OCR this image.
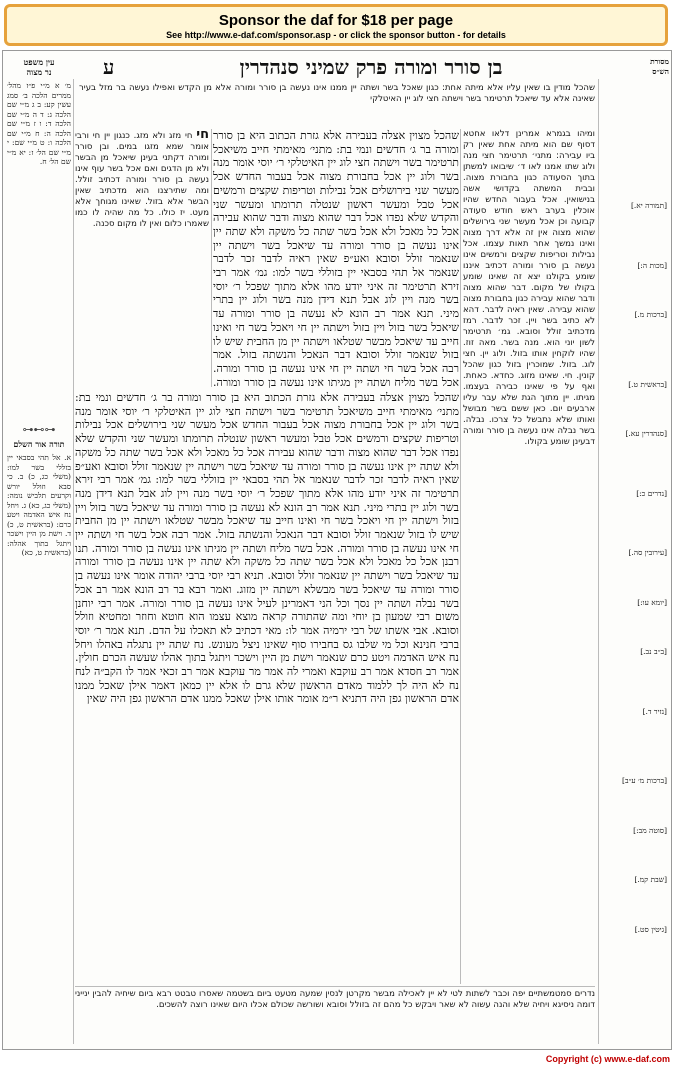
Sponsor the daf for $18 per page
See http://www.e-daf.com/sponsor.asp - or click the sponsor button - for details
בן סורר ומורה פרק שמיני סנהדרין
ע	מסורת
הש״ס
עין משפט
נר מצוה
שהכל מודין בו שאין עליו אלא מיתה אחת: כגון שאכל בשר ושתה יין ממנו אינו נעשה בן סורר ומורה אלא מן הקדש ואפילו נעשה בר מזל בעיר שאינה אלא עד שיאכל תרטימר בשר וישתה חצי לוג יין האיטלקי
מ׳ א מ״י פ״ז מהל׳ ממרים הלכה ב׳ סמג עשין קע: ב ג מ״י שם הלכה ג: ד ה מ״י שם הלכה ד: ו ז מ״י שם הלכה ה: ח מ״י שם הלכה ו: ט מ״י שם: י מ״י שם הל׳ ז: יא מ״י שם הל׳ ח.
⊶⊷⊶
תורה אור השלם
א. אל תהי בסבאי יין בזללי בשר למו: (משלי כג, כ) ב. כי סבא וזולל יורש וקרעים תלביש נומה: (משלי כג, כא) ג. ויחל נח איש האדמה ויטע כרם: (בראשית ט, כ) ד. וישת מן היין וישכר ויתגל בתוך אהלה: (בראשית ט, כא)
חי חי מזג ולא מזג. כנגון יין חי ורבי אומר שמא מזגו במים. ובן סורר ומורה דקתני בעינן שיאכל מן הבשר ולא מן הדגים ואם אכל בשר עוף אינו נעשה בן סורר ומורה דכתיב זולל. ומה שתירצנו הוא מדכתיב שאין הבשר אלא בזול. שאינו מגוחך אלא מעט. יז כולו. כל מה שהיה לו כמו שאמרו כלום ואין לו מקום סכנה.
שהכל מצוין אצלה בעבירה אלא גזרת הכתוב היא בן סורר ומורה בר ג׳ חדשים ונמי בת: מתני׳ מאימתי חייב משיאכל תרטימר בשר וישתה חצי לוג יין האיטלקי ר׳ יוסי אומר מנה בשר ולוג יין אכל בחבורת מצוה אכל בעבור החדש אכל מעשר שני בירושלים אכל נבילות וטריפות שקצים ורמשים אכל טבל ומעשר ראשון שנטלה תרומתו ומעשר שני והקדש שלא נפדו אכל דבר שהוא מצוה ודבר שהוא עבירה אכל כל מאכל ולא אכל בשר שתה כל משקה ולא שתה יין אינו נעשה בן סורר ומורה עד שיאכל בשר וישתה יין שנאמר זולל וסובא ואע״פ שאין ראיה לדבר זכר לדבר שנאמר אל תהי בסבאי יין בזוללי בשר למו: גמ׳ אמר רבי זירא תרטימר זה איני יודע מהו אלא מתוך שפכל ר׳ יוסי בשר מנה ויין לוג אבל תנא דידן מנה בשר ולוג יין בתרי מיני. תנא אמר רב הונא לא נעשה בן סורר ומורה עד שיאכל בשר בזול ויין בזול וישתה יין חי ויאכל בשר חי ואינו חייב עד שיאכל מבשר שטלאו וישתה יין מן החבית שיש לו בזול שנאמר זולל וסובא דבר הנאכל והנשתה בזול. אמר רבה אכל בשר חי ושתה יין חי אינו נעשה בן סורר ומורה. אכל בשר מליח ושתה יין מגיתו אינו נעשה בן סורר ומורה.
שהכל מצוין אצלה בעבירה אלא גזרת הכתוב היא בן סורר ומורה בר ג׳ חדשים ונמי בת: מתני׳ מאימתי חייב משיאכל תרטימר בשר וישתה חצי לוג יין האיטלקי ר׳ יוסי אומר מנה בשר ולוג יין אכל בחבורת מצוה אכל בעבור החדש אכל מעשר שני בירושלים אכל נבילות וטריפות שקצים ורמשים אכל טבל ומעשר ראשון שנטלה תרומתו ומעשר שני והקדש שלא נפדו אכל דבר שהוא מצוה ודבר שהוא עבירה אכל כל מאכל ולא אכל בשר שתה כל משקה ולא שתה יין אינו נעשה בן סורר ומורה עד שיאכל בשר וישתה יין שנאמר זולל וסובא ואע״פ שאין ראיה לדבר זכר לדבר שנאמר אל תהי בסבאי יין בזוללי בשר למו: גמ׳ אמר רבי זירא תרטימר זה איני יודע מהו אלא מתוך שפכל ר׳ יוסי בשר מנה ויין לוג אבל תנא דידן מנה בשר ולוג יין בתרי מיני. תנא אמר רב הונא לא נעשה בן סורר ומורה עד שיאכל בשר בזול ויין בזול וישתה יין חי ויאכל בשר חי ואינו חייב עד שיאכל מבשר שטלאו וישתה יין מן החבית שיש לו בזול שנאמר זולל וסובא דבר הנאכל והנשתה בזול. אמר רבה אכל בשר חי ושתה יין חי אינו נעשה בן סורר ומורה. אכל בשר מליח ושתה יין מגיתו אינו נעשה בן סורר ומורה. תנו רבנן אכל כל מאכל ולא אכל בשר שתה כל משקה ולא שתה יין אינו נעשה בן סורר ומורה עד שיאכל בשר וישתה יין שנאמר זולל וסובא. תניא רבי יוסי ברבי יהודה אומר אינו נעשה בן סורר ומורה עד שיאכל בשר מבשלא וישתה יין מזוג. ואמר רבא בר רב הונא אמר רב אכל בשר נבלה ושתה יין נסך וכל הני דאמרינן לעיל אינו נעשה בן סורר ומורה. אמר רבי יוחנן משום רבי שמעון בן יוחי ומה שהתורה קראה מוצא עצמו הוא חוטא וחוזר ומחטיא וזולל וסובא. אבי אשתו של רבי ירמיה אמר לו: מאי דכתיב לא תאכלו על הדם. תנא אמר ר׳ יוסי ברבי חנינא וכל מי שלבו גס בחבירו סוף שאינו ניצל מעונש. נח שתה יין נתגלה באהלו ויחל נח איש האדמה ויטע כרם שנאמר וישת מן היין וישכר ויתגל בתוך אהלו שעשה הכרם חולין. אמר רב חסדא אמר רב עוקבא ואמרי לה אמר מר עוקבא אמר רב זכאי אמר לו הקב״ה לנח נח לא היה לך ללמוד מאדם הראשון שלא גרם לו אלא יין כמאן דאמר אילן שאכל ממנו אדם הראשון גפן היה דתניא ר״מ אומר אותו אילן שאכל ממנו אדם הראשון גפן היה שאין
ומיהו בגמרא אמרינן דלאו אחטא דסוף שם הוא מיתה אחת שאין רק ביו עבירה: מתני׳ תרטימר חצי מנה ולוג שתו אמנו לאו ד׳ שיבואו למשתן בתוך הסעודה כגון בחבורת מצוה. ובבית המשתה בקדושי אשה בנישואין. אכל בעבור החדש שהיו אוכלין בערב ראש חודש סעודה קבועה וכן אכל מעשר שני בירושלים שהוא מצוה אין זה אלא דרך מצוה ואינו נמשך אחר תאות עצמו. אכל נבילות וטריפות שקצים ורמשים אינו נעשה בן סורר ומורה דכתיב איננו שומע בקולנו יצא זה שאינו שומע בקולו של מקום. דבר שהוא מצוה ודבר שהוא עבירה כגון בחבורת מצוה שהוא עבירה. שאין ראיה לדבר. דהא לא כתיב בשר ויין. זכר לדבר. רמז מדכתיב זולל וסובא. גמ׳ תרטימר לשון יוני הוא. מנה בשר. מאה זוז. שהיו לוקחין אותו בזול. ולוג יין. חצי לוג. בזול. שמוכרין בזול כגון שהכל קונין. חי. שאינו מזוג. כחדא. כאחת. ואף על פי שאינו כבירה בעצמו. מגיתו. יין מתוך הגת שלא עבר עליו ארבעים יום. כאן ששם בשר מבושל ואותו שלא נתבשל כל צרכו. נבלה. בשר נבלה אינו נעשה בן סורר ומורה דבעינן שומע בקולו.
[תמורה יא.]
[מכות ה:]
[ברכות מ.]
[בראשית ט.]
[סנהדרין עא.]
[נדרים כ:]
[עירובין סה.]
[יומא עו:]
[ב״ב נב.]
[נזיר ד.]
[ברכות מ׳ ע״ב]
[סוטה מב:]
[שבת קמ.]
[גיטין סט.]
נדרים סמטמשתיים יפה וכבר לשתות לטי לא יין לאכילה מבשר מקרטן לנסין שמעה מטעט ביום בשטמה שאסרו טבטט רבא ביום שיחיה להבין ינייני דומה ניסיגא ויחיה שלא והנה עשוה לא שאר ויבקש כל מהם זה בזולל וסובא ושורשה שכולם אכלו היום שאינו רוצה להשכים.
Copyright (c) www.e-daf.com
